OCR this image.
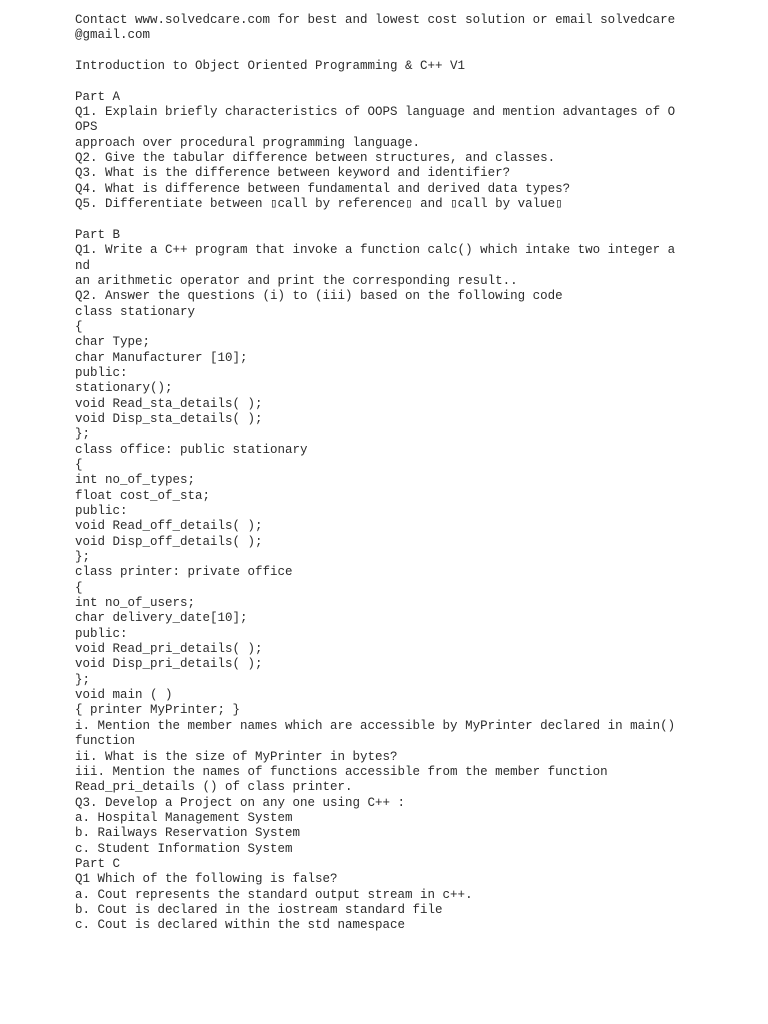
Contact www.solvedcare.com for best and lowest cost solution or email solvedcare
@gmail.com
Introduction to Object Oriented Programming & C++ V1
Part A
Q1. Explain briefly characteristics of OOPS language and mention advantages of O
OPS
approach over procedural programming language.
Q2. Give the tabular difference between structures, and classes.
Q3. What is the difference between keyword and identifier?
Q4. What is difference between fundamental and derived data types?
Q5. Differentiate between ▯call by reference▯ and ▯call by value▯
Part B
Q1. Write a C++ program that invoke a function calc() which intake two integer a
nd
an arithmetic operator and print the corresponding result..
Q2. Answer the questions (i) to (iii) based on the following code
class stationary
{
char Type;
char Manufacturer [10];
public:
stationary();
void Read_sta_details( );
void Disp_sta_details( );
};
class office: public stationary
{
int no_of_types;
float cost_of_sta;
public:
void Read_off_details( );
void Disp_off_details( );
};
class printer: private office
{
int no_of_users;
char delivery_date[10];
public:
void Read_pri_details( );
void Disp_pri_details( );
};
void main ( )
{ printer MyPrinter; }
i. Mention the member names which are accessible by MyPrinter declared in main()
function
ii. What is the size of MyPrinter in bytes?
iii. Mention the names of functions accessible from the member function
Read_pri_details () of class printer.
Q3. Develop a Project on any one using C++ :
a. Hospital Management System
b. Railways Reservation System
c. Student Information System
Part C
Q1 Which of the following is false?
a. Cout represents the standard output stream in c++.
b. Cout is declared in the iostream standard file
c. Cout is declared within the std namespace
